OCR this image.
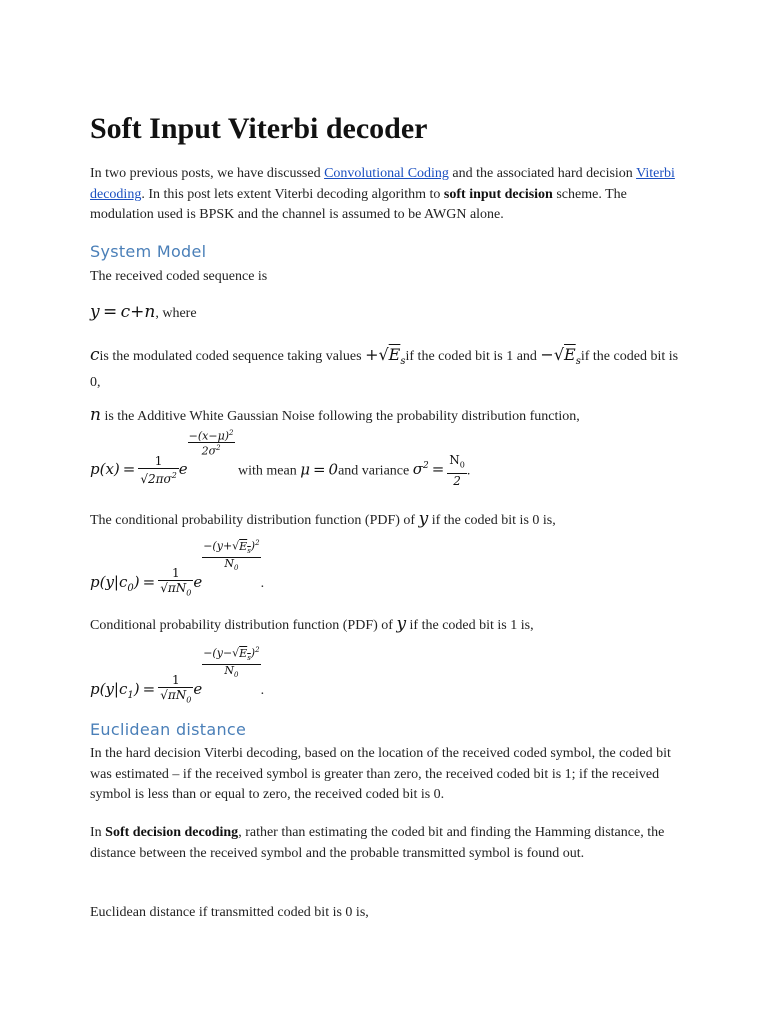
Soft Input Viterbi decoder

In two previous posts, we have discussed Convolutional Coding and the associated hard decision Viterbi decoding. In this post lets extent Viterbi decoding algorithm to soft input decision scheme. The modulation used is BPSK and the channel is assumed to be AWGN alone.

System Model

The received coded sequence is

y = c+n, where

cis the modulated coded sequence taking values $+√E_sif$ the coded bit is 1 and $-√E_sif$ the coded bit is 0,

n is the Additive White Gaussian Noise following the probability distribution function,

$p(x) = \frac{1}{√2\pi\sigma^2}$ e
$\frac{-(x-\mu)^2}{2\sigma^2}$
with mean μ = 0and variance $\sigma^2 = \frac{N_0}{2}$ .

The conditional probability distribution function (PDF) of y if the coded bit is 0 is,

$p(y|c_0) = \frac{1}{√\pi N_0}$ e
$\frac{-(y+√E_s)^2}{N_0}$
.

Conditional probability distribution function (PDF) of y if the coded bit is 1 is,

$p(y|c_1) = \frac{1}{√\pi N_0}$ e
$\frac{-(y-√E_s)^2}{N_0}$
.
Euclidean distance

In the hard decision Viterbi decoding, based on the location of the received coded symbol, the coded bit was estimated – if the received symbol is greater than zero, the received coded bit is 1; if the received symbol is less than or equal to zero, the received coded bit is 0.

In Soft decision decoding, rather than estimating the coded bit and finding the Hamming distance, the distance between the received symbol and the probable transmitted symbol is found out.

Euclidean distance if transmitted coded bit is 0 is,
